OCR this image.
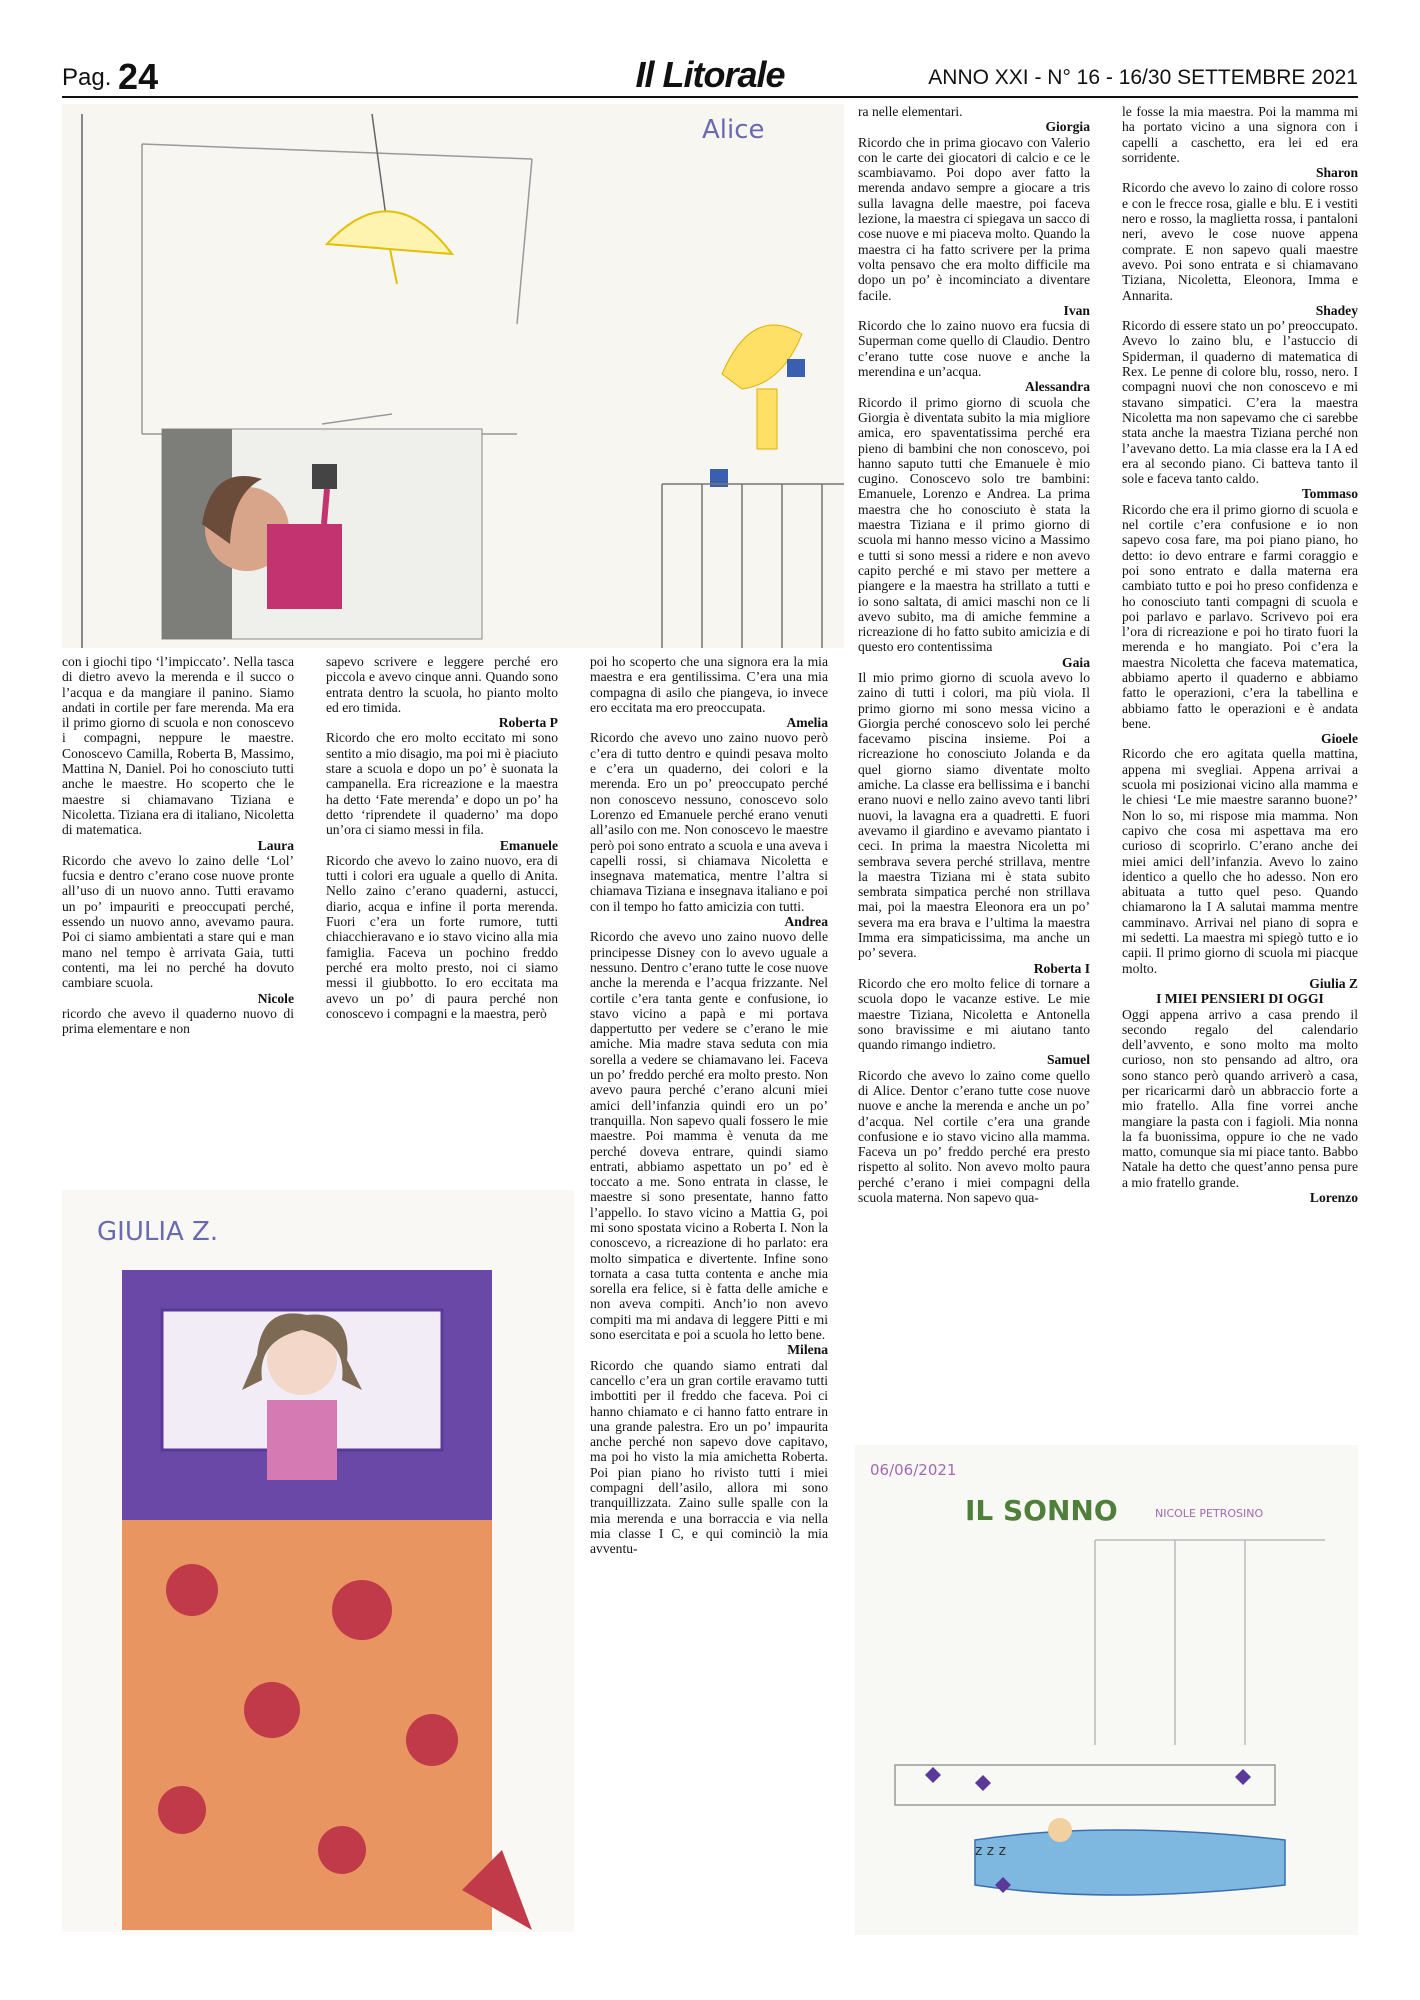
Pag. 24	Il Litorale	ANNO XXI - N° 16 - 16/30 SETTEMBRE 2021
Alice
GIULIA Z.
06/06/2021
IL SONNO	NICOLE PETROSINO
z z z

con i giochi tipo ‘l’impiccato’. Nella tasca di dietro avevo la merenda e il succo o l’acqua e da mangiare il panino. Siamo andati in cortile per fare merenda. Ma era il primo giorno di scuola e non conoscevo i compagni, neppure le maestre. Conoscevo Camilla, Roberta B, Massimo, Mattina N, Daniel. Poi ho conosciuto tutti anche le maestre. Ho scoperto che le maestre si chiamavano Tiziana e Nicoletta. Tiziana era di italiano, Nicoletta di matematica.

Laura

Ricordo che avevo lo zaino delle ‘Lol’ fucsia e dentro c’erano cose nuove pronte all’uso di un nuovo anno. Tutti eravamo un po’ impauriti e preoccupati perché, essendo un nuovo anno, avevamo paura. Poi ci siamo ambientati a stare qui e man mano nel tempo è arrivata Gaia, tutti contenti, ma lei no perché ha dovuto cambiare scuola.

Nicole

ricordo che avevo il quaderno nuovo di prima elementare e non

sapevo scrivere e leggere perché ero piccola e avevo cinque anni. Quando sono entrata dentro la scuola, ho pianto molto ed ero timida.

Roberta P

Ricordo che ero molto eccitato mi sono sentito a mio disagio, ma poi mi è piaciuto stare a scuola e dopo un po’ è suonata la campanella. Era ricreazione e la maestra ha detto ‘Fate merenda’ e dopo un po’ ha detto ‘riprendete il quaderno’ ma dopo un’ora ci siamo messi in fila.

Emanuele

Ricordo che avevo lo zaino nuovo, era di tutti i colori era uguale a quello di Anita. Nello zaino c’erano quaderni, astucci, diario, acqua e infine il porta merenda. Fuori c’era un forte rumore, tutti chiacchieravano e io stavo vicino alla mia famiglia. Faceva un pochino freddo perché era molto presto, noi ci siamo messi il giubbotto. Io ero eccitata ma avevo un po’ di paura perché non conoscevo i compagni e la maestra, però

poi ho scoperto che una signora era la mia maestra e era gentilissima. C’era una mia compagna di asilo che piangeva, io invece ero eccitata ma ero preoccupata.

Amelia

Ricordo che avevo uno zaino nuovo però c’era di tutto dentro e quindi pesava molto e c’era un quaderno, dei colori e la merenda. Ero un po’ preoccupato perché non conoscevo nessuno, conoscevo solo Lorenzo ed Emanuele perché erano venuti all’asilo con me. Non conoscevo le maestre però poi sono entrato a scuola e una aveva i capelli rossi, si chiamava Nicoletta e insegnava matematica, mentre l’altra si chiamava Tiziana e insegnava italiano e poi con il tempo ho fatto amicizia con tutti.

Andrea

Ricordo che avevo uno zaino nuovo delle principesse Disney con lo avevo uguale a nessuno. Dentro c’erano tutte le cose nuove anche la merenda e l’acqua frizzante. Nel cortile c’era tanta gente e confusione, io stavo vicino a papà e mi portava dappertutto per vedere se c’erano le mie amiche. Mia madre stava seduta con mia sorella a vedere se chiamavano lei. Faceva un po’ freddo perché era molto presto. Non avevo paura perché c’erano alcuni miei amici dell’infanzia quindi ero un po’ tranquilla. Non sapevo quali fossero le mie maestre. Poi mamma è venuta da me perché doveva entrare, quindi siamo entrati, abbiamo aspettato un po’ ed è toccato a me. Sono entrata in classe, le maestre si sono presentate, hanno fatto l’appello. Io stavo vicino a Mattia G, poi mi sono spostata vicino a Roberta I. Non la conoscevo, a ricreazione di ho parlato: era molto simpatica e divertente. Infine sono tornata a casa tutta contenta e anche mia sorella era felice, si è fatta delle amiche e non aveva compiti. Anch’io non avevo compiti ma mi andava di leggere Pitti e mi sono esercitata e poi a scuola ho letto bene.

Milena

Ricordo che quando siamo entrati dal cancello c’era un gran cortile eravamo tutti imbottiti per il freddo che faceva. Poi ci hanno chiamato e ci hanno fatto entrare in una grande palestra. Ero un po’ impaurita anche perché non sapevo dove capitavo, ma poi ho visto la mia amichetta Roberta. Poi pian piano ho rivisto tutti i miei compagni dell’asilo, allora mi sono tranquillizzata. Zaino sulle spalle con la mia merenda e una borraccia e via nella mia classe I C, e qui cominciò la mia avventu-

ra nelle elementari.

Giorgia

Ricordo che in prima giocavo con Valerio con le carte dei giocatori di calcio e ce le scambiavamo. Poi dopo aver fatto la merenda andavo sempre a giocare a tris sulla lavagna delle maestre, poi faceva lezione, la maestra ci spiegava un sacco di cose nuove e mi piaceva molto. Quando la maestra ci ha fatto scrivere per la prima volta pensavo che era molto difficile ma dopo un po’ è incominciato a diventare facile.

Ivan

Ricordo che lo zaino nuovo era fucsia di Superman come quello di Claudio. Dentro c’erano tutte cose nuove e anche la merendina e un’acqua.

Alessandra

Ricordo il primo giorno di scuola che Giorgia è diventata subito la mia migliore amica, ero spaventatissima perché era pieno di bambini che non conoscevo, poi hanno saputo tutti che Emanuele è mio cugino. Conoscevo solo tre bambini: Emanuele, Lorenzo e Andrea. La prima maestra che ho conosciuto è stata la maestra Tiziana e il primo giorno di scuola mi hanno messo vicino a Massimo e tutti si sono messi a ridere e non avevo capito perché e mi stavo per mettere a piangere e la maestra ha strillato a tutti e io sono saltata, di amici maschi non ce li avevo subito, ma di amiche femmine a ricreazione di ho fatto subito amicizia e di questo ero contentissima

Gaia

Il mio primo giorno di scuola avevo lo zaino di tutti i colori, ma più viola. Il primo giorno mi sono messa vicino a Giorgia perché conoscevo solo lei perché facevamo piscina insieme. Poi a ricreazione ho conosciuto Jolanda e da quel giorno siamo diventate molto amiche. La classe era bellissima e i banchi erano nuovi e nello zaino avevo tanti libri nuovi, la lavagna era a quadretti. E fuori avevamo il giardino e avevamo piantato i ceci. In prima la maestra Nicoletta mi sembrava severa perché strillava, mentre la maestra Tiziana mi è stata subito sembrata simpatica perché non strillava mai, poi la maestra Eleonora era un po’ severa ma era brava e l’ultima la maestra Imma era simpaticissima, ma anche un po’ severa.

Roberta I

Ricordo che ero molto felice di tornare a scuola dopo le vacanze estive. Le mie maestre Tiziana, Nicoletta e Antonella sono bravissime e mi aiutano tanto quando rimango indietro.

Samuel

Ricordo che avevo lo zaino come quello di Alice. Dentor c’erano tutte cose nuove nuove e anche la merenda e anche un po’ d’acqua. Nel cortile c’era una grande confusione e io stavo vicino alla mamma. Faceva un po’ freddo perché era presto rispetto al solito. Non avevo molto paura perché c’erano i miei compagni della scuola materna. Non sapevo qua-

le fosse la mia maestra. Poi la mamma mi ha portato vicino a una signora con i capelli a caschetto, era lei ed era sorridente.

Sharon

Ricordo che avevo lo zaino di colore rosso e con le frecce rosa, gialle e blu. E i vestiti nero e rosso, la maglietta rossa, i pantaloni neri, avevo le cose nuove appena comprate. E non sapevo quali maestre avevo. Poi sono entrata e si chiamavano Tiziana, Nicoletta, Eleonora, Imma e Annarita.

Shadey

Ricordo di essere stato un po’ preoccupato. Avevo lo zaino blu, e l’astuccio di Spiderman, il quaderno di matematica di Rex. Le penne di colore blu, rosso, nero. I compagni nuovi che non conoscevo e mi stavano simpatici. C’era la maestra Nicoletta ma non sapevamo che ci sarebbe stata anche la maestra Tiziana perché non l’avevano detto. La mia classe era la I A ed era al secondo piano. Ci batteva tanto il sole e faceva tanto caldo.

Tommaso

Ricordo che era il primo giorno di scuola e nel cortile c’era confusione e io non sapevo cosa fare, ma poi piano piano, ho detto: io devo entrare e farmi coraggio e poi sono entrato e dalla materna era cambiato tutto e poi ho preso confidenza e ho conosciuto tanti compagni di scuola e poi parlavo e parlavo. Scrivevo poi era l’ora di ricreazione e poi ho tirato fuori la merenda e ho mangiato. Poi c’era la maestra Nicoletta che faceva matematica, abbiamo aperto il quaderno e abbiamo fatto le operazioni, c’era la tabellina e abbiamo fatto le operazioni e è andata bene.

Gioele

Ricordo che ero agitata quella mattina, appena mi svegliai. Appena arrivai a scuola mi posizionai vicino alla mamma e le chiesi ‘Le mie maestre saranno buone?’ Non lo so, mi rispose mia mamma. Non capivo che cosa mi aspettava ma ero curioso di scoprirlo. C’erano anche dei miei amici dell’infanzia. Avevo lo zaino identico a quello che ho adesso. Non ero abituata a tutto quel peso. Quando chiamarono la I A salutai mamma mentre camminavo. Arrivai nel piano di sopra e mi sedetti. La maestra mi spiegò tutto e io capii. Il primo giorno di scuola mi piacque molto.

Giulia Z

I MIEI PENSIERI DI OGGI

Oggi appena arrivo a casa prendo il secondo regalo del calendario dell’avvento, e sono molto ma molto curioso, non sto pensando ad altro, ora sono stanco però quando arriverò a casa, per ricaricarmi darò un abbraccio forte a mio fratello. Alla fine vorrei anche mangiare la pasta con i fagioli. Mia nonna la fa buonissima, oppure io che ne vado matto, comunque sia mi piace tanto. Babbo Natale ha detto che quest’anno pensa pure a mio fratello grande.

Lorenzo
